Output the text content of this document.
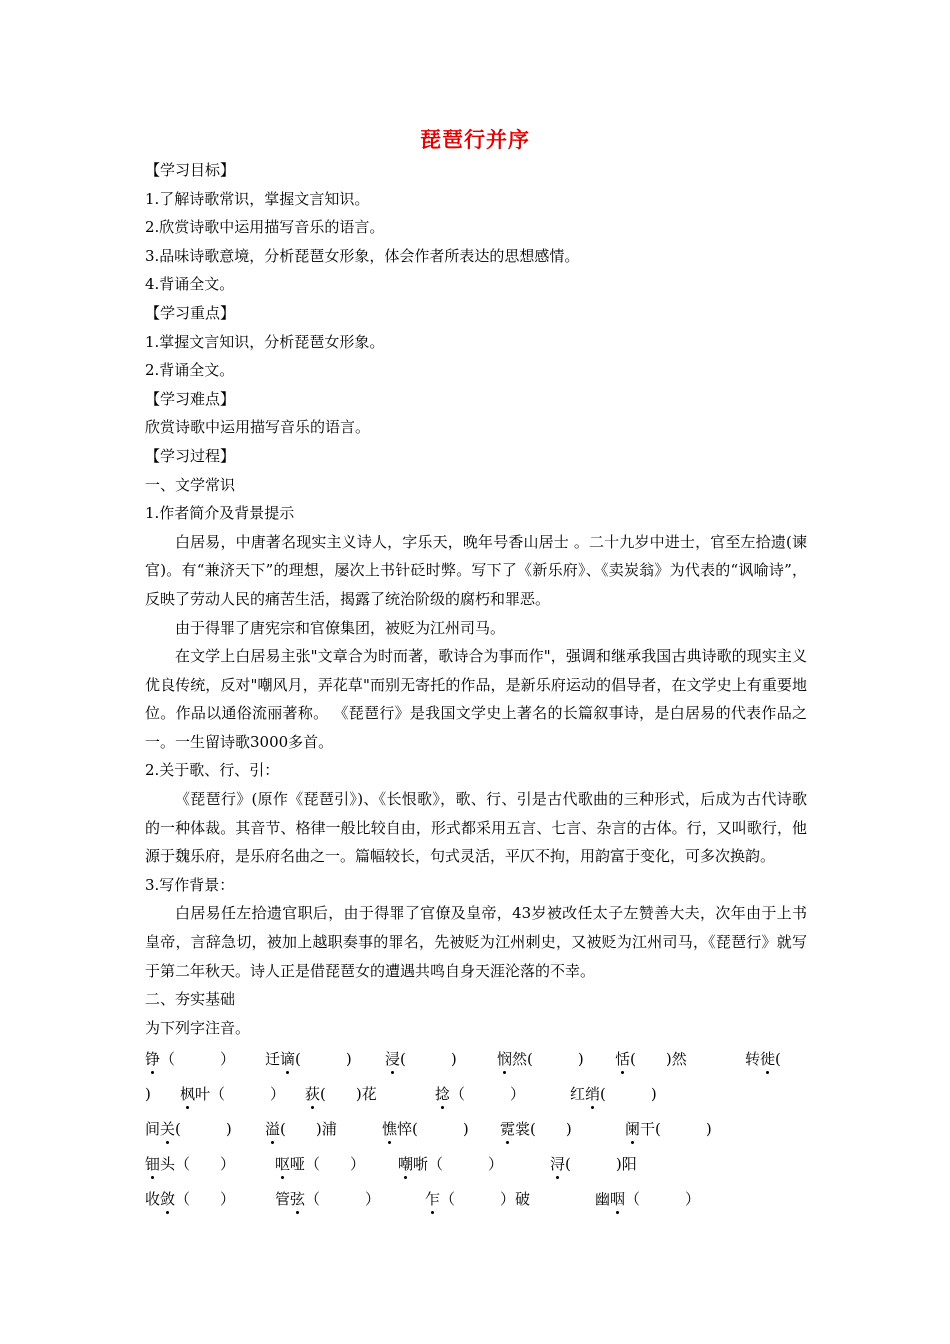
琵琶行并序
【学习目标】
1.了解诗歌常识，掌握文言知识。
2.欣赏诗歌中运用描写音乐的语言。
3.品味诗歌意境，分析琵琶女形象，体会作者所表达的思想感情。
4.背诵全文。
【学习重点】
1.掌握文言知识，分析琵琶女形象。
2.背诵全文。
【学习难点】
欣赏诗歌中运用描写音乐的语言。
【学习过程】
一、文学常识
1.作者简介及背景提示

白居易，中唐著名现实主义诗人，字乐天，晚年号香山居士 。二十九岁中进士，官至左拾遗(谏官)。有“兼济天下”的理想，屡次上书针砭时弊。写下了《新乐府》、《卖炭翁》为代表的“讽喻诗”，反映了劳动人民的痛苦生活，揭露了统治阶级的腐朽和罪恶。

由于得罪了唐宪宗和官僚集团，被贬为江州司马。

在文学上白居易主张"文章合为时而著，歌诗合为事而作"，强调和继承我国古典诗歌的现实主义优良传统，反对"嘲风月，弄花草"而别无寄托的作品，是新乐府运动的倡导者，在文学史上有重要地位。作品以通俗流丽著称。 《琵琶行》是我国文学史上著名的长篇叙事诗，是白居易的代表作品之一。一生留诗歌3000多首。

2.关于歌、行、引：

《琵琶行》(原作《琵琶引》)、《长恨歌》，歌、行、引是古代歌曲的三种形式，后成为古代诗歌的一种体裁。其音节、格律一般比较自由，形式都采用五言、七言、杂言的古体。行，又叫歌行，他源于魏乐府，是乐府名曲之一。篇幅较长，句式灵活，平仄不拘，用韵富于变化，可多次换韵。

3.写作背景：

白居易任左拾遗官职后，由于得罪了官僚及皇帝，43岁被改任太子左赞善大夫，次年由于上书皇帝，言辞急切，被加上越职奏事的罪名，先被贬为江州刺史，又被贬为江州司马，《琵琶行》就写于第二年秋天。诗人正是借琵琶女的遭遇共鸣自身天涯沦落的不幸。

二、夯实基础
为下列字注音。
铮（　　　） 迁谪(　　　) 浸(　　　)	悯然(　　　) 恬(　　)然	转徙(
) 枫叶（　　　） 荻(　　)花	捻（　　　）	红绡(　　　)
间关(　　　) 溢(　　)浦	憔悴(　　　) 霓裳(　　)	阑干(　　　)
钿头（　　）	呕哑（　　） 嘲哳（　　　）	浔(　　　)阳
收敛（　　）	管弦（　　　）	乍（　　　）破	幽咽（　　　）
